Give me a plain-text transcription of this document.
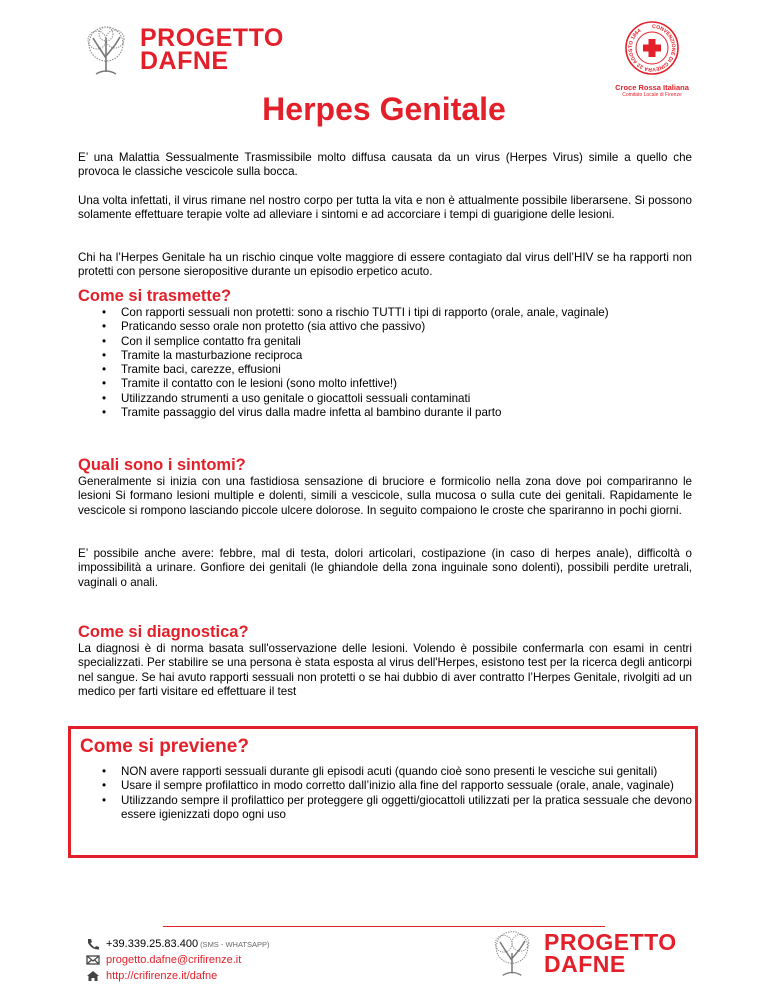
PROGETTO
DAFNE
CONVENZIONE DI GINEVRA 22 AGOSTO 1864
Croce Rossa Italiana
Comitato Locale di Firenze
Herpes Genitale

E’ una Malattia Sessualmente Trasmissibile molto diffusa causata da un virus (Herpes Virus) simile a quello che provoca le classiche vescicole sulla bocca.

Una volta infettati, il virus rimane nel nostro corpo per tutta la vita e non è attualmente possibile liberarsene. Si possono solamente effettuare terapie volte ad alleviare i sintomi e ad accorciare i tempi di guarigione delle lesioni.

Chi ha l’Herpes Genitale ha un rischio cinque volte maggiore di essere contagiato dal virus dell’HIV se ha rapporti non protetti con persone sieropositive durante un episodio erpetico acuto.

Come si trasmette?
• Con rapporti sessuali non protetti: sono a rischio TUTTI i tipi di rapporto (orale, anale, vaginale)
• Praticando sesso orale non protetto (sia attivo che passivo)
• Con il semplice contatto fra genitali
• Tramite la masturbazione reciproca
• Tramite baci, carezze, effusioni
• Tramite il contatto con le lesioni (sono molto infettive!)
• Utilizzando strumenti a uso genitale o giocattoli sessuali contaminati
• Tramite passaggio del virus dalla madre infetta al bambino durante il parto
Quali sono i sintomi?

Generalmente si inizia con una fastidiosa sensazione di bruciore e formicolio nella zona dove poi compariranno le lesioni Si formano lesioni multiple e dolenti, simili a vescicole, sulla mucosa o sulla cute dei genitali. Rapidamente le vescicole si rompono lasciando piccole ulcere dolorose. In seguito compaiono le croste che spariranno in pochi giorni.

E’ possibile anche avere: febbre, mal di testa, dolori articolari, costipazione (in caso di herpes anale), difficoltà o impossibilità a urinare. Gonfiore dei genitali (le ghiandole della zona inguinale sono dolenti), possibili perdite uretrali, vaginali o anali.

Come si diagnostica?

La diagnosi è di norma basata sull'osservazione delle lesioni. Volendo è possibile confermarla con esami in centri specializzati. Per stabilire se una persona è stata esposta al virus dell'Herpes, esistono test per la ricerca degli anticorpi nel sangue. Se hai avuto rapporti sessuali non protetti o se hai dubbio di aver contratto l’Herpes Genitale, rivolgiti ad un medico per farti visitare ed effettuare il test

Come si previene?
• NON avere rapporti sessuali durante gli episodi acuti (quando cioè sono presenti le vesciche sui genitali)
• Usare il sempre profilattico in modo corretto dall’inizio alla fine del rapporto sessuale (orale, anale, vaginale)
• Utilizzando sempre il profilattico per proteggere gli oggetti/giocattoli utilizzati per la pratica sessuale che devono essere igienizzati dopo ogni uso
+39.339.25.83.400 (SMS - WHATSAPP)
progetto.dafne@crifirenze.it
http://crifirenze.it/dafne
PROGETTO
DAFNE
